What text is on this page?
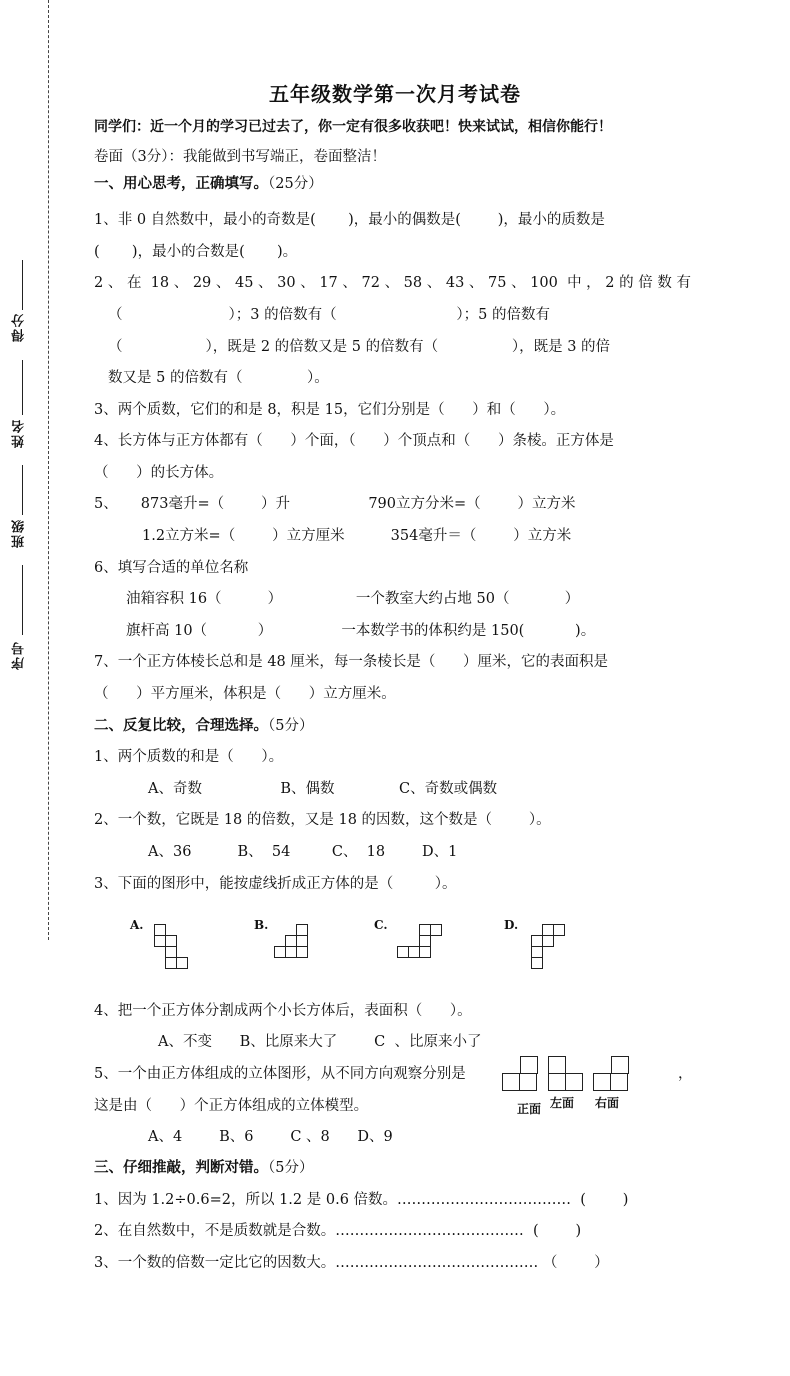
得分
姓名
班级
序号
五年级数学第一次月考试卷
同学们：近一个月的学习已过去了，你一定有很多收获吧！快来试试，相信你能行！
卷面（3分）：我能做到书写端正，卷面整洁！
一、用心思考，正确填写。（25分）
1、非 0 自然数中，最小的奇数是(       )，最小的偶数是(        )，最小的质数是
(       )，最小的合数是(       )。
2 、 在  18 、 29 、 45 、 30 、 17 、 72 、 58 、 43 、 75 、 100  中 ， 2 的 倍 数 有
（                       ）；3 的倍数有（                          ）；5 的倍数有
（                  ），既是 2 的倍数又是 5 的倍数有（                ），既是 3 的倍
数又是 5 的倍数有（              ）。
3、两个质数，它们的和是 8，积是 15，它们分别是（      ）和（      ）。
4、长方体与正方体都有（      ）个面，（      ）个顶点和（      ）条棱。正方体是
（      ）的长方体。
5、     873毫升=（        ）升                 790立方分米=（        ）立方米
1.2立方米=（        ）立方厘米          354毫升＝（        ）立方米
6、填写合适的单位名称
油箱容积 16（          ）                一个教室大约占地 50（            ）
旗杆高 10（           ）               一本数学书的体积约是 150(           )。
7、一个正方体棱长总和是 48 厘米，每一条棱长是（      ）厘米，它的表面积是
（      ）平方厘米，体积是（      ）立方厘米。
二、反复比较，合理选择。（5分）
1、两个质数的和是（      ）。
A、奇数                 B、偶数              C、奇数或偶数
2、一个数，它既是 18 的倍数，又是 18 的因数，这个数是（        ）。
A、36          B、  54         C、  18        D、1
3、下面的图形中，能按虚线折成正方体的是（         ）。
A.	B.	C.	D.
4、把一个正方体分割成两个小长方体后，表面积（      ）。
A、不变      B、比原来大了        C  、比原来小了
5、一个由正方体组成的立体图形，从不同方向观察分别是	，
这是由（      ）个正方体组成的立体模型。
A、4        B、6        C 、8      D、9
正面 左面 右面
三、仔细推敲，判断对错。（5分）
1、因为 1.2÷0.6=2，所以 1.2 是 0.6 倍数。………………………………  (        )
2、在自然数中，不是质数就是合数。…………………………………  (        )
3、一个数的倍数一定比它的因数大。…………………………………… （        ）
